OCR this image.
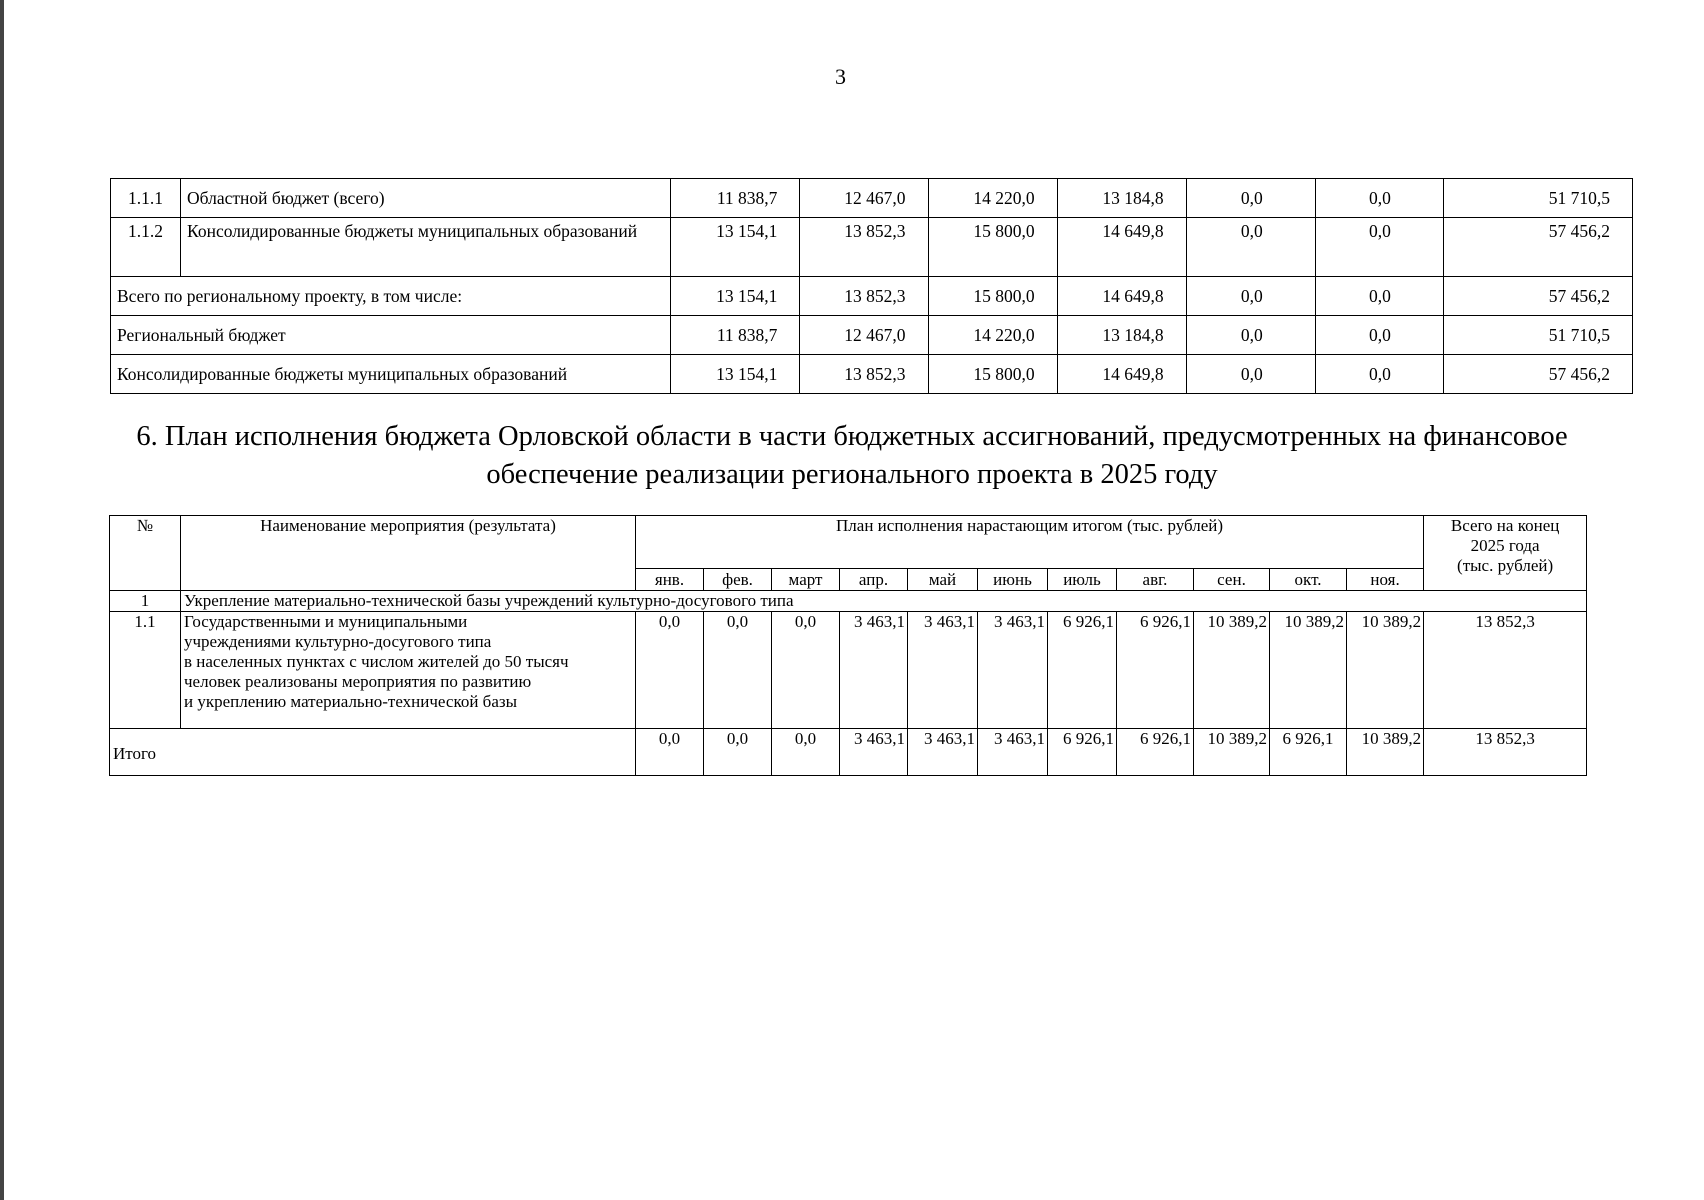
3
1.1.1	Областной бюджет (всего)	11 838,7	12 467,0	14 220,0	13 184,8	0,0	0,0	51 710,5
1.1.2	Консолидированные бюджеты муниципальных образований	13 154,1	13 852,3	15 800,0	14 649,8	0,0	0,0	57 456,2
Всего по региональному проекту, в том числе:		13 154,1	13 852,3	15 800,0	14 649,8	0,0	0,0	57 456,2
Региональный бюджет		11 838,7	12 467,0	14 220,0	13 184,8	0,0	0,0	51 710,5
Консолидированные бюджеты муниципальных образований		13 154,1	13 852,3	15 800,0	14 649,8	0,0	0,0	57 456,2
6. План исполнения бюджета Орловской области в части бюджетных ассигнований, предусмотренных на финансовое
обеспечение реализации регионального проекта в 2025 году
№	Наименование мероприятия (результата)	План исполнения нарастающим итогом (тыс. рублей)											Всего на конец
2025 года
(тыс. рублей)

		янв.	фев.	март	апр.	май	июнь	июль	авг.	сен.	окт.	ноя.	
1	Укрепление материально-технической базы учреждений культурно-досугового типа												
1.1	Государственными и муниципальными
учреждениями культурно-досугового типа
в населенных пунктах с числом жителей до 50 тысяч
человек реализованы мероприятия по развитию
и укреплению материально-технической базы	0,0	0,0	0,0	3 463,1	3 463,1	3 463,1	6 926,1	6 926,1	10 389,2	10 389,2	10 389,2	13 852,3
Итого		0,0	0,0	0,0	3 463,1	3 463,1	3 463,1	6 926,1	6 926,1	10 389,2	6 926,1	10 389,2	13 852,3
